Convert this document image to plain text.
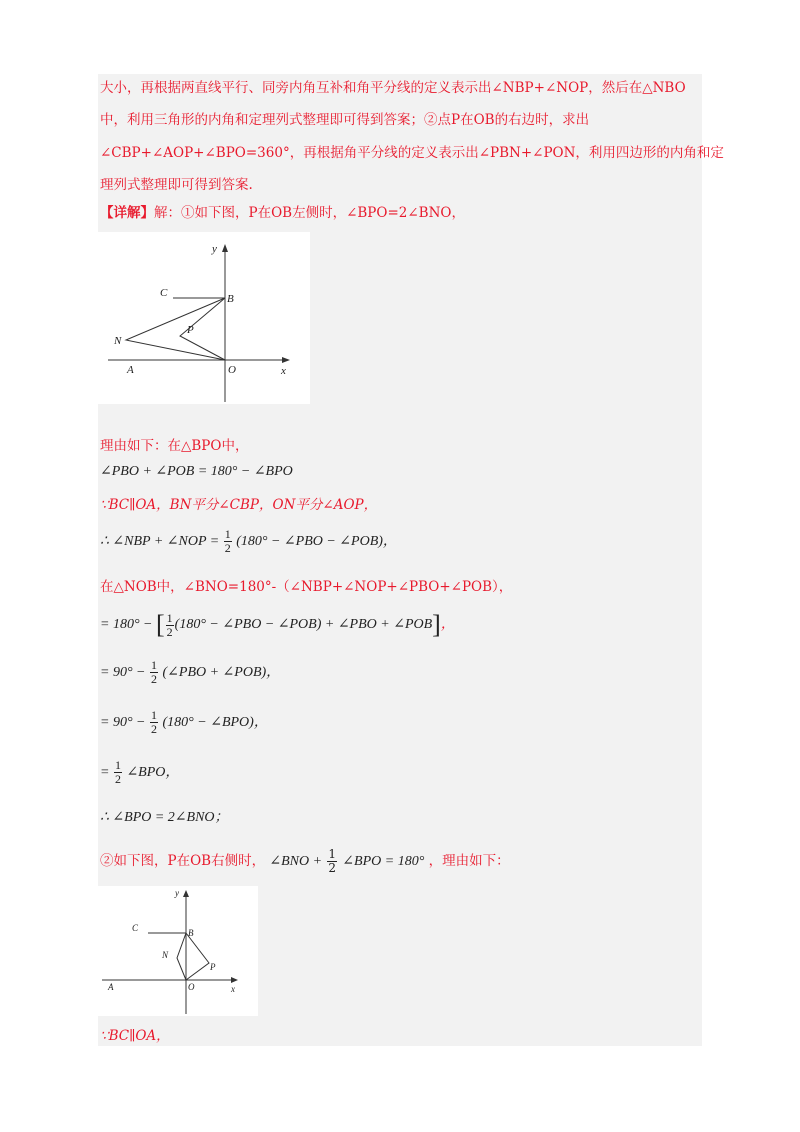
大小，再根据两直线平行、同旁内角互补和角平分线的定义表示出∠NBP+∠NOP，然后在△NBO
中，利用三角形的内角和定理列式整理即可得到答案；②点P在OB的右边时，求出
∠CBP+∠AOP+∠BPO=360°，再根据角平分线的定义表示出∠PBN+∠PON，利用四边形的内角和定
理列式整理即可得到答案.
【详解】解：①如下图，P在OB左侧时，∠BPO=2∠BNO，
y
x
C	B
P
N
A	O
理由如下：在△BPO中，
∠PBO + ∠POB = 180° − ∠BPO
∵BC∥OA，BN平分∠CBP，ON平分∠AOP，
∴ ∠NBP + ∠NOP = $\frac{1}{2} (180^\circ$ − ∠PBO − ∠POB)，
在△NOB中，∠BNO=180°-（∠NBP+∠NOP+∠PBO+∠POB），
= 180° − [ $\frac{1}{2} (180^\circ$ − ∠PBO − ∠POB) + ∠PBO + ∠POB]，
= $90^\circ - \frac{1}{2}$ (∠PBO + ∠POB)，
= $90^\circ - \frac{1}{2} (180^\circ$ − ∠BPO)，
= $\frac{1}{2}$ ∠BPO，
∴ ∠BPO = 2∠BNO；
②如下图，P在OB右侧时， ∠BNO + $\frac{1}{2}$ ∠BPO = 180° ，理由如下：
y
x
C	B
P
N
A	O
∵BC∥OA，
